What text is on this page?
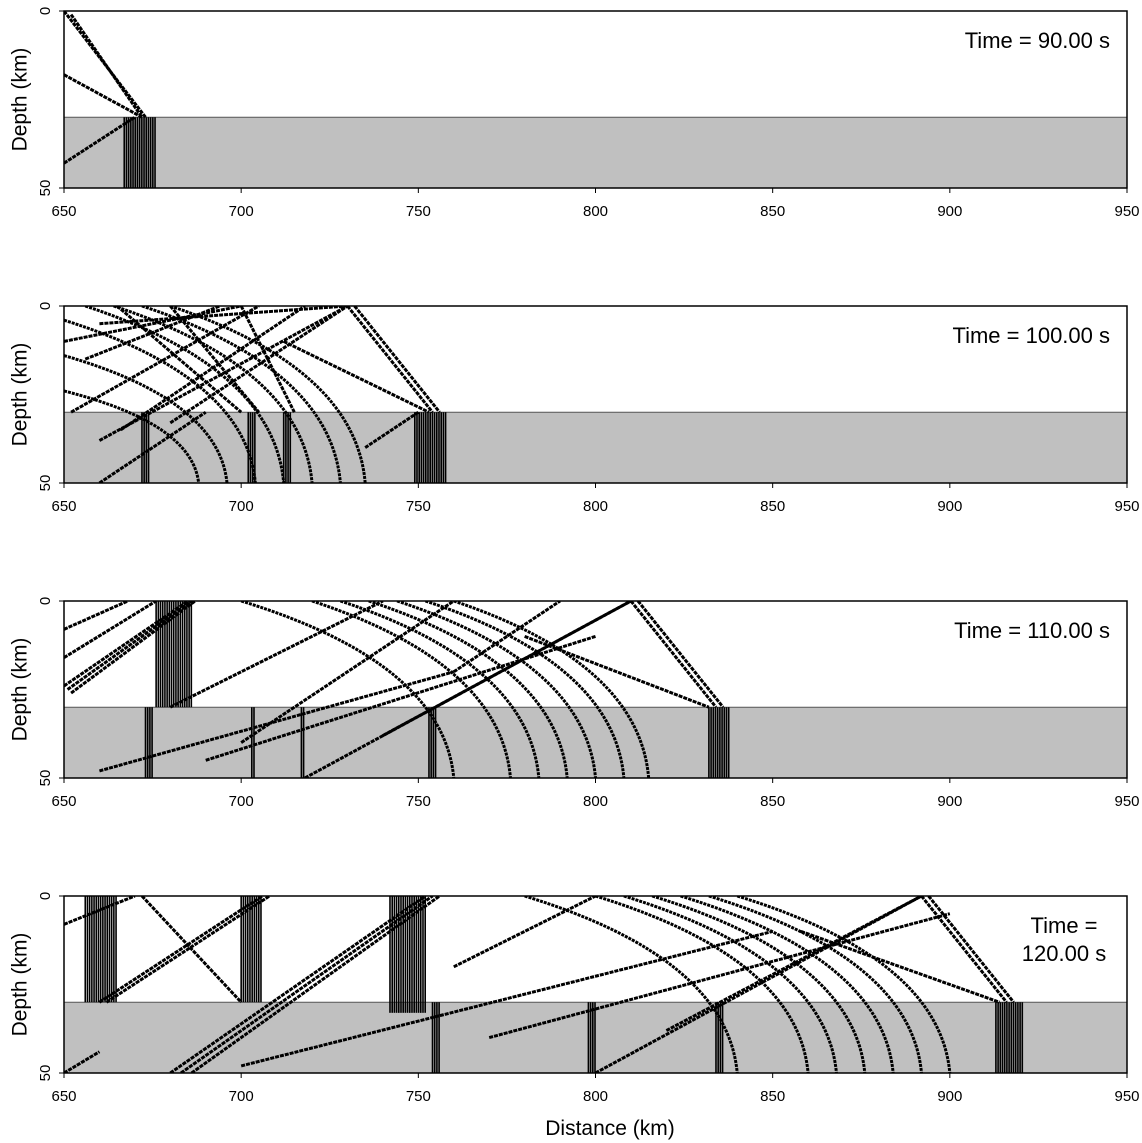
650	700	750	800	850	900	950
0
50
Depth (km)
Time = 90.00 s
650	700	750	800	850	900	950
0
50
Depth (km)
Time = 100.00 s
650	700	750	800	850	900	950
0
50
Depth (km)
Time = 110.00 s
650	700	750	800	850	900	950
0
50
Depth (km)
Time = 120.00 s
Distance (km)
